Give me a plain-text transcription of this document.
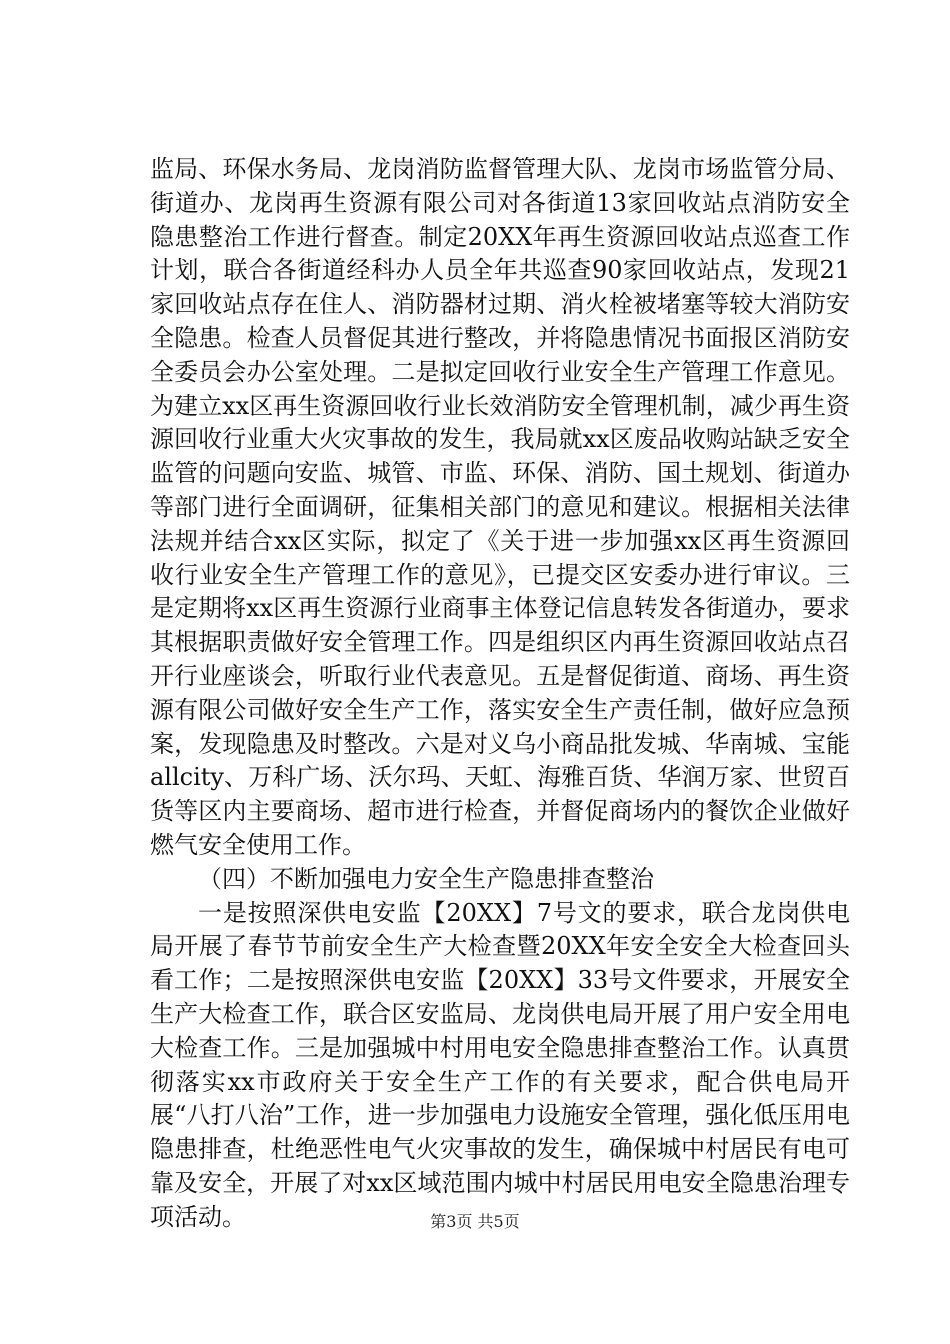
监局、环保水务局、龙岗消防监督管理大队、龙岗市场监管分局、街道办、龙岗再生资源有限公司对各街道13家回收站点消防安全隐患整治工作进行督查。制定20XX年再生资源回收站点巡查工作计划，联合各街道经科办人员全年共巡查90家回收站点，发现21家回收站点存在住人、消防器材过期、消火栓被堵塞等较大消防安全隐患。检查人员督促其进行整改，并将隐患情况书面报区消防安全委员会办公室处理。二是拟定回收行业安全生产管理工作意见。为建立xx区再生资源回收行业长效消防安全管理机制，减少再生资源回收行业重大火灾事故的发生，我局就xx区废品收购站缺乏安全监管的问题向安监、城管、市监、环保、消防、国土规划、街道办等部门进行全面调研，征集相关部门的意见和建议。根据相关法律法规并结合xx区实际，拟定了《关于进一步加强xx区再生资源回收行业安全生产管理工作的意见》，已提交区安委办进行审议。三是定期将xx区再生资源行业商事主体登记信息转发各街道办，要求其根据职责做好安全管理工作。四是组织区内再生资源回收站点召开行业座谈会，听取行业代表意见。五是督促街道、商场、再生资源有限公司做好安全生产工作，落实安全生产责任制，做好应急预案，发现隐患及时整改。六是对义乌小商品批发城、华南城、宝能allcity、万科广场、沃尔玛、天虹、海雅百货、华润万家、世贸百货等区内主要商场、超市进行检查，并督促商场内的餐饮企业做好燃气安全使用工作。

（四）不断加强电力安全生产隐患排查整治

一是按照深供电安监【20XX】7号文的要求，联合龙岗供电局开展了春节节前安全生产大检查暨20XX年安全安全大检查回头看工作；二是按照深供电安监【20XX】33号文件要求，开展安全生产大检查工作，联合区安监局、龙岗供电局开展了用户安全用电大检查工作。三是加强城中村用电安全隐患排查整治工作。认真贯彻落实xx市政府关于安全生产工作的有关要求，配合供电局开展“八打八治”工作，进一步加强电力设施安全管理，强化低压用电隐患排查，杜绝恶性电气火灾事故的发生，确保城中村居民有电可靠及安全，开展了对xx区域范围内城中村居民用电安全隐患治理专项活动。	第3页 共5页
